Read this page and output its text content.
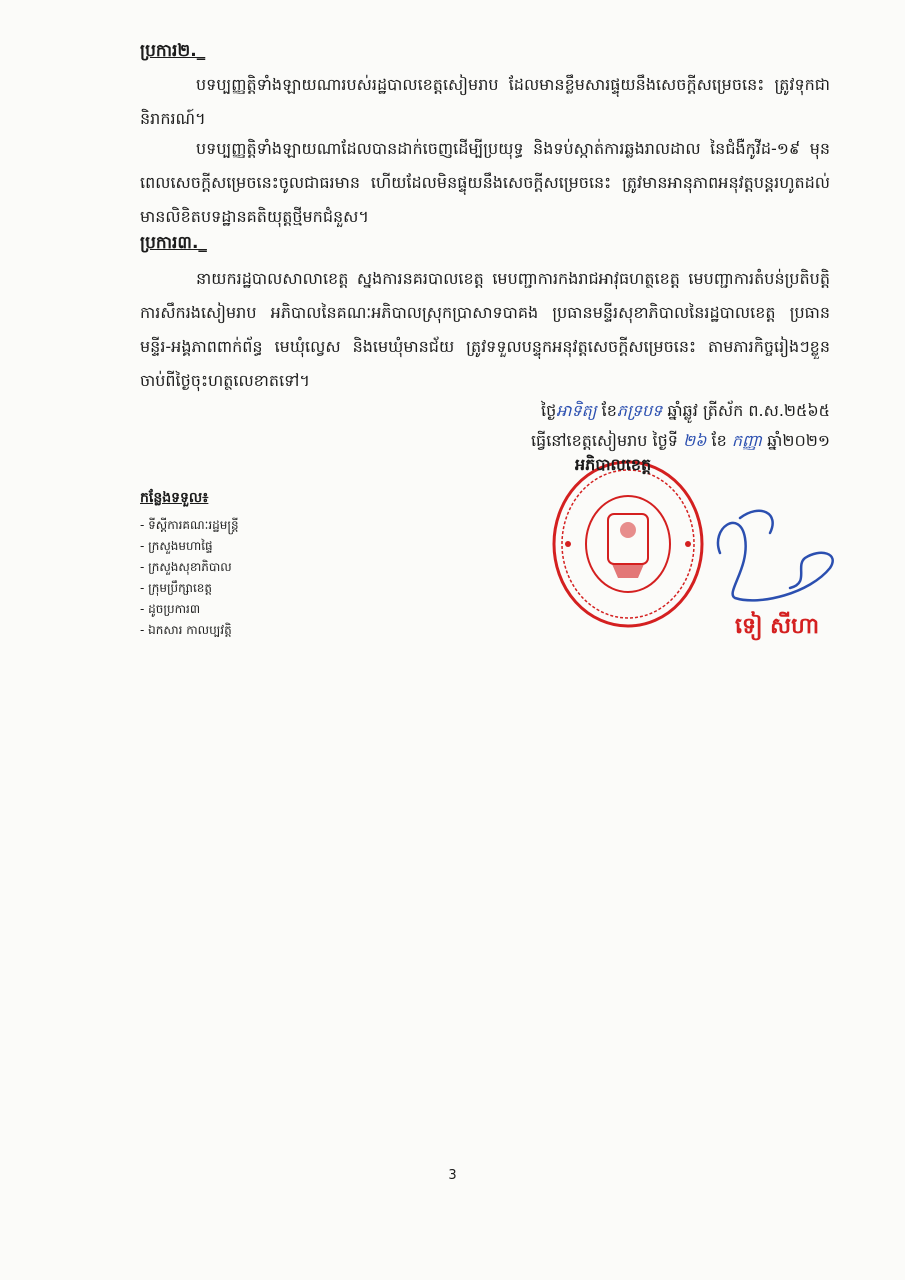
ប្រការ២._
បទប្បញ្ញត្តិទាំងឡាយណារបស់រដ្ឋបាលខេត្តសៀមរាប ដែលមានខ្លឹមសារផ្ទុយនឹងសេចក្តីសម្រេចនេះ ត្រូវទុកជានិរាករណ៍។
បទប្បញ្ញត្តិទាំងឡាយណាដែលបានដាក់ចេញដើម្បីប្រយុទ្ធ និងទប់ស្កាត់ការឆ្លងរាលដាល នៃជំងឺកូវីដ-១៩ មុនពេលសេចក្តីសម្រេចនេះចូលជាធរមាន ហើយដែលមិនផ្ទុយនឹងសេចក្តីសម្រេចនេះ ត្រូវមានអានុភាពអនុវត្តបន្តរហូតដល់មានលិខិតបទដ្ឋានគតិយុត្តថ្មីមកជំនួស។
ប្រការ៣._
នាយករដ្ឋបាលសាលាខេត្ត ស្នងការនគរបាលខេត្ត មេបញ្ជាការកងរាជអាវុធហត្ថខេត្ត មេបញ្ជាការតំបន់ប្រតិបត្តិការសឹករងសៀមរាប អភិបាលនៃគណៈអភិបាលស្រុកប្រាសាទបាគង ប្រធានមន្ទីរសុខាភិបាលនៃរដ្ឋបាលខេត្ត ប្រធានមន្ទីរ-អង្គភាពពាក់ព័ន្ធ មេឃុំល្វេស និងមេឃុំមានជ័យ ត្រូវទទួលបន្ទុកអនុវត្តសេចក្តីសម្រេចនេះ តាមភារកិច្ចរៀងៗខ្លួន ចាប់ពីថ្ងៃចុះហត្ថលេខាតទៅ។
ថ្ងៃអាទិត្យ ខែភទ្របទ ឆ្នាំឆ្លូវ ត្រីស័ក ព.ស.២៥៦៥
ធ្វើនៅខេត្តសៀមរាប ថ្ងៃទី ២៦ ខែ កញ្ញា ឆ្នាំ២០២១
អភិបាលខេត្ត
ទៀ សីហា
កន្លែងទទួល៖
- ទីស្តីការគណៈរដ្ឋមន្ត្រី
- ក្រសួងមហាផ្ទៃ
- ក្រសួងសុខាភិបាល
- ក្រុមប្រឹក្សាខេត្ត
- ដូចប្រការ៣
- ឯកសារ កាលប្បវត្តិ
3
